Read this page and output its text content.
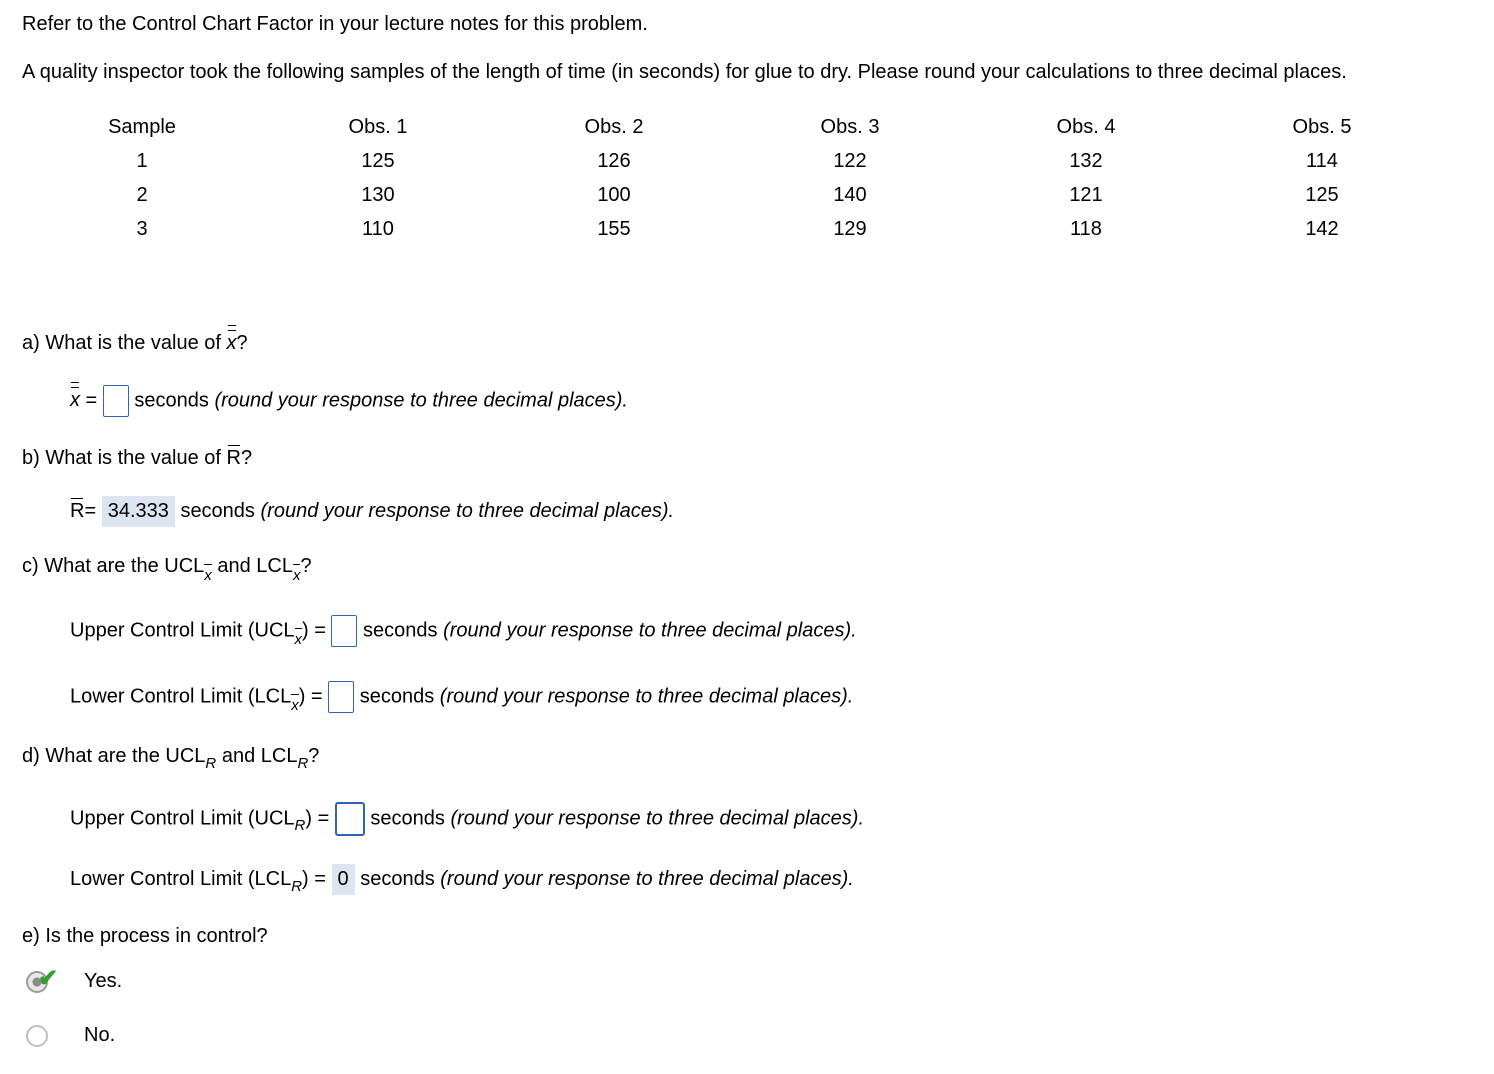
Refer to the Control Chart Factor in your lecture notes for this problem.
A quality inspector took the following samples of the length of time (in seconds) for glue to dry. Please round your calculations to three decimal places.
Sample	Obs. 1	Obs. 2	Obs. 3	Obs. 4	Obs. 5
1	125	126	122	132	114
2	130	100	140	121	125
3	110	155	129	118	142
a) What is the value of
x?
x = seconds (round your response to three decimal places).
b) What is the value of
R?
R= 34.333 seconds (round your response to three decimal places).
c) What are the UCL
x and LCL
x?
Upper Control Limit (UCL
x) = seconds (round your response to three decimal places).
Lower Control Limit (LCL
x) = seconds (round your response to three decimal places).
d) What are the $UCL_R$ and $LCL_R$?
Upper Control Limit $(UCL_R)$ = seconds (round your response to three decimal places).
Lower Control Limit $(LCL_R) = 0$ seconds (round your response to three decimal places).
e) Is the process in control?
✔ Yes.
No.
